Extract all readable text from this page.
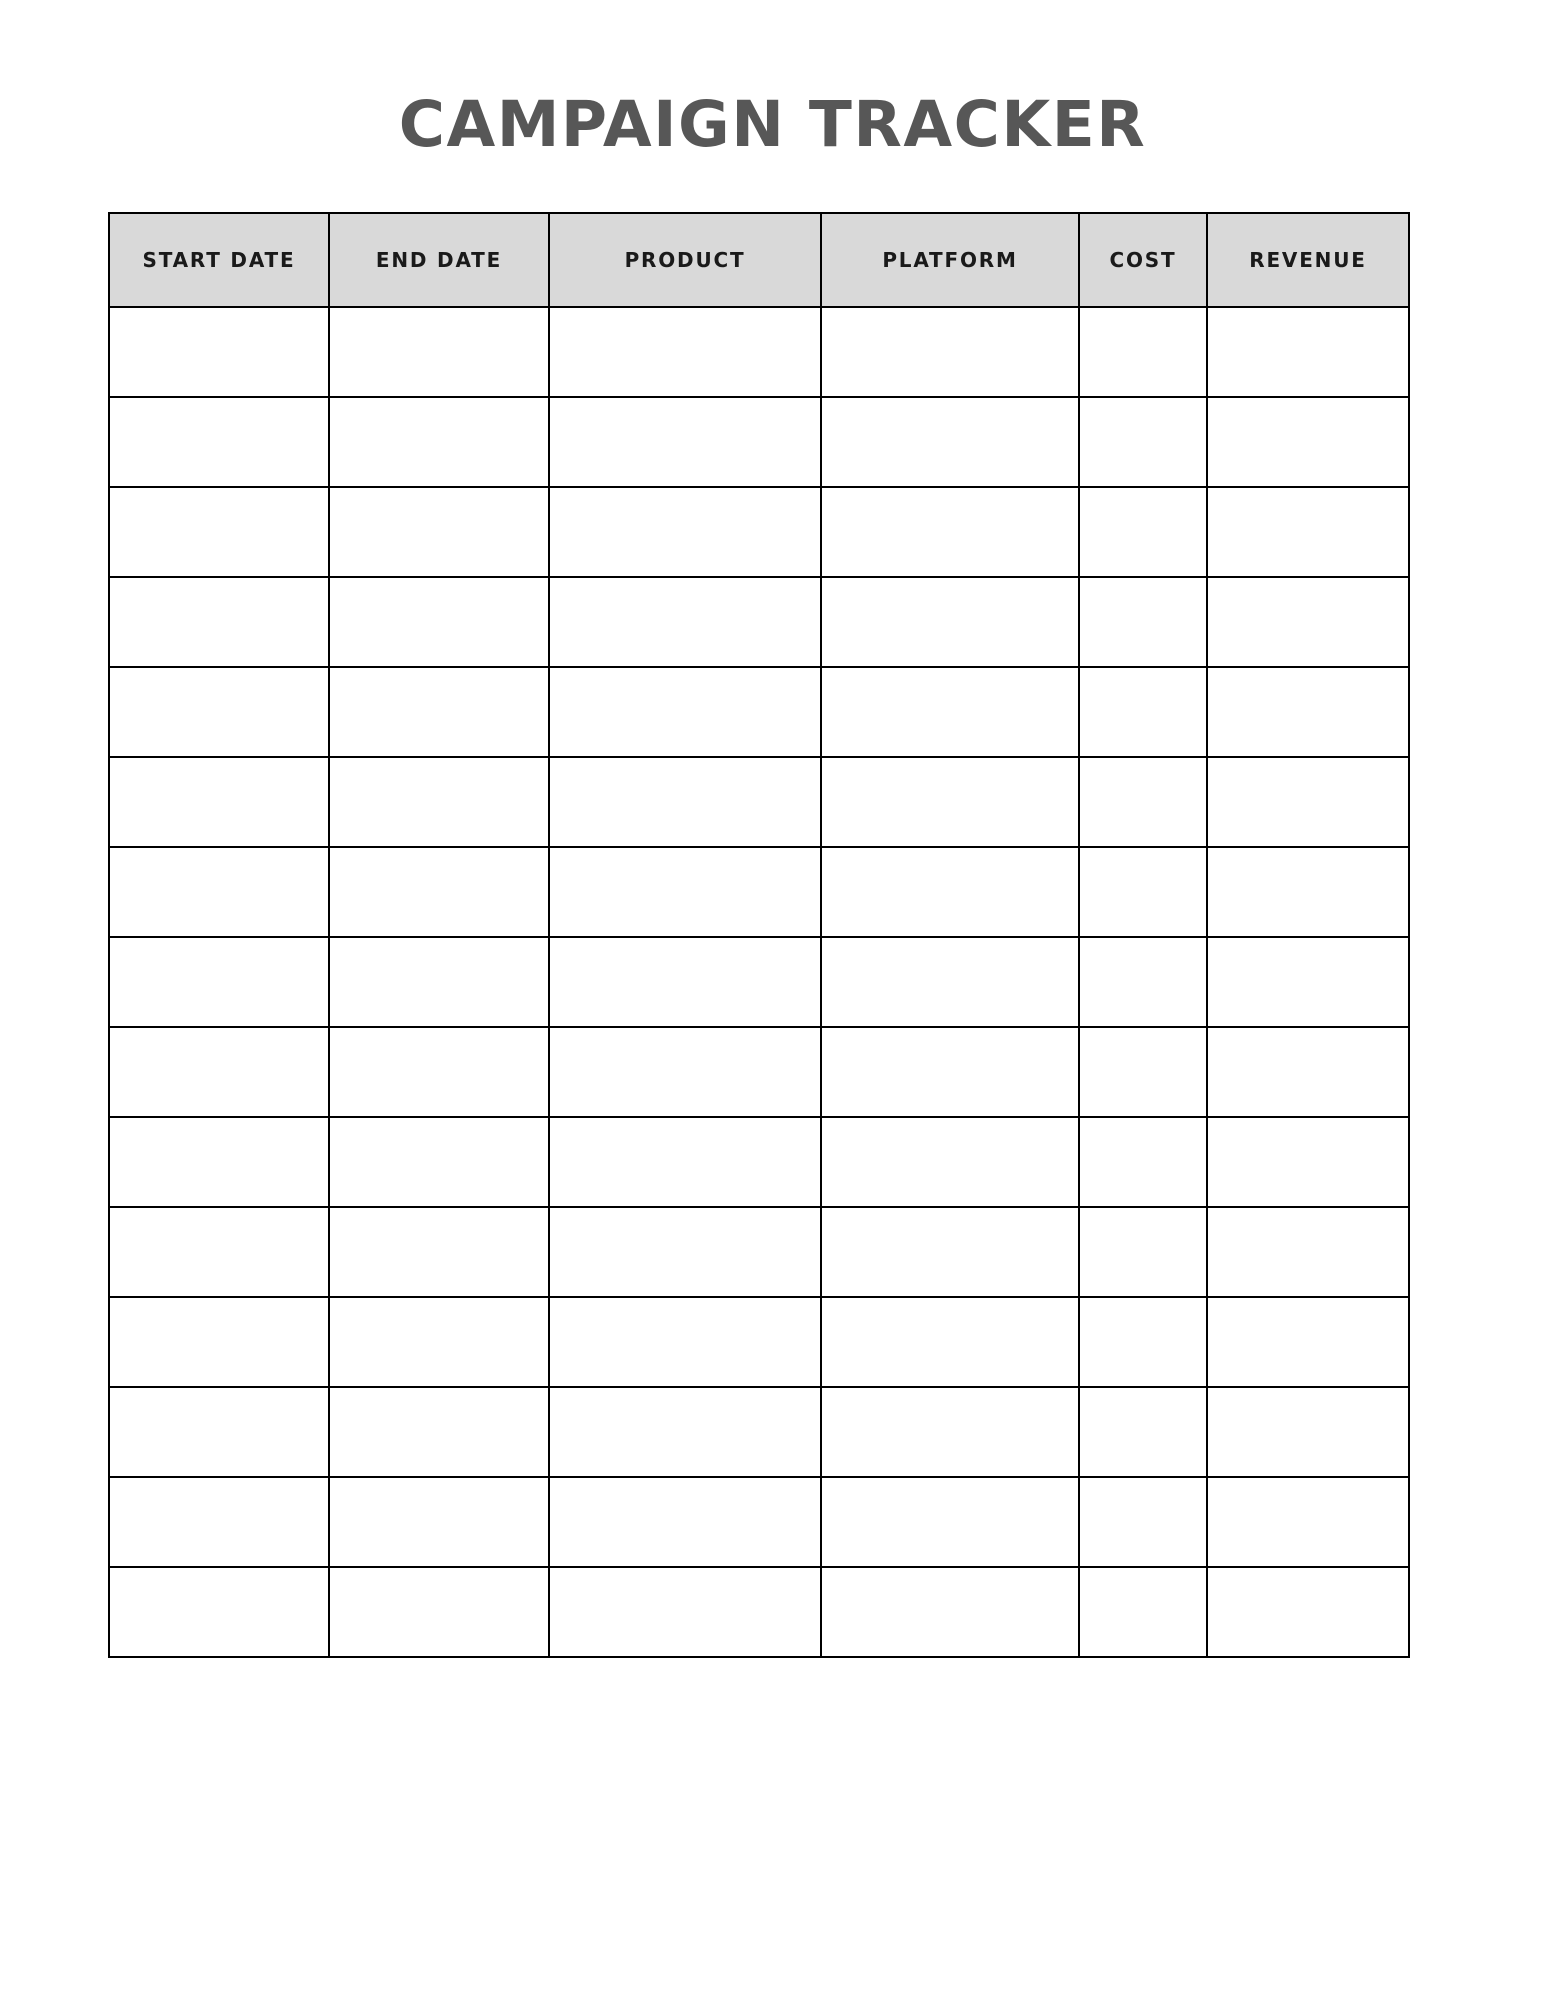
CAMPAIGN TRACKER
START DATE	END DATE	PRODUCT	PLATFORM	COST	REVENUE
